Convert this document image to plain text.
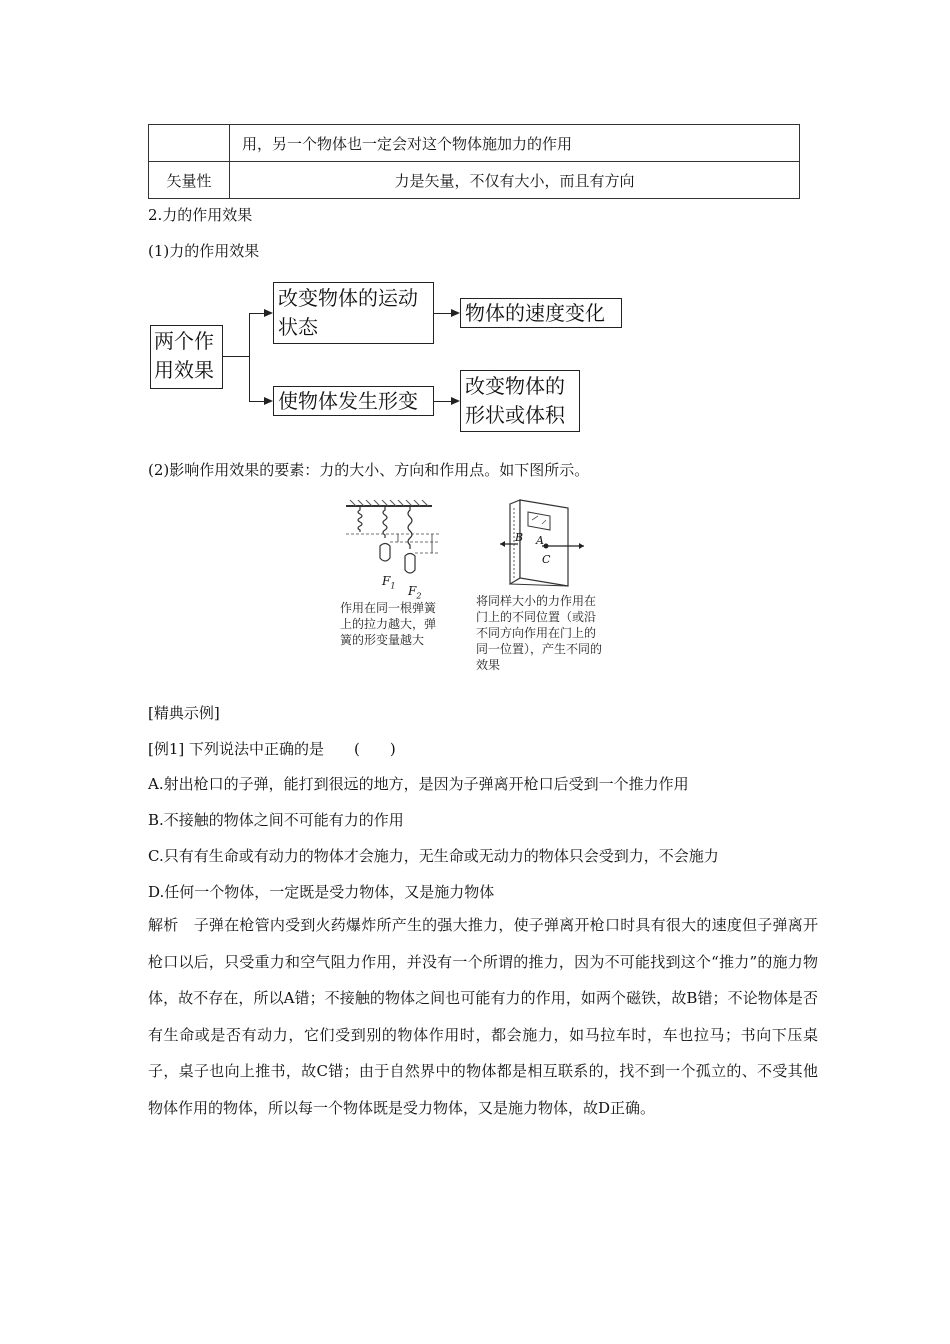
	用，另一个物体也一定会对这个物体施加力的作用
矢量性	力是矢量，不仅有大小，而且有方向
2.力的作用效果
(1)力的作用效果
两个作用效果
改变物体的运动状态
物体的速度变化
使物体发生形变
改变物体的形状或体积
(2)影响作用效果的要素：力的大小、方向和作用点。如下图所示。
$F_1$ $F_2$
作用在同一根弹簧
上的拉力越大，弹
簧的形变量越大
B A
C
将同样大小的力作用在
门上的不同位置（或沿
不同方向作用在门上的
同一位置），产生不同的
效果
[精典示例]
[例1] 下列说法中正确的是　　(　　)
A.射出枪口的子弹，能打到很远的地方，是因为子弹离开枪口后受到一个推力作用
B.不接触的物体之间不可能有力的作用
C.只有有生命或有动力的物体才会施力，无生命或无动力的物体只会受到力，不会施力
D.任何一个物体，一定既是受力物体，又是施力物体
解析　子弹在枪管内受到火药爆炸所产生的强大推力，使子弹离开枪口时具有很大的速度但子弹离开枪口以后，只受重力和空气阻力作用，并没有一个所谓的推力，因为不可能找到这个“推力”的施力物体，故不存在，所以A错；不接触的物体之间也可能有力的作用，如两个磁铁，故B错；不论物体是否有生命或是否有动力，它们受到别的物体作用时，都会施力，如马拉车时，车也拉马；书向下压桌子，桌子也向上推书，故C错；由于自然界中的物体都是相互联系的，找不到一个孤立的、不受其他物体作用的物体，所以每一个物体既是受力物体，又是施力物体，故D正确。
